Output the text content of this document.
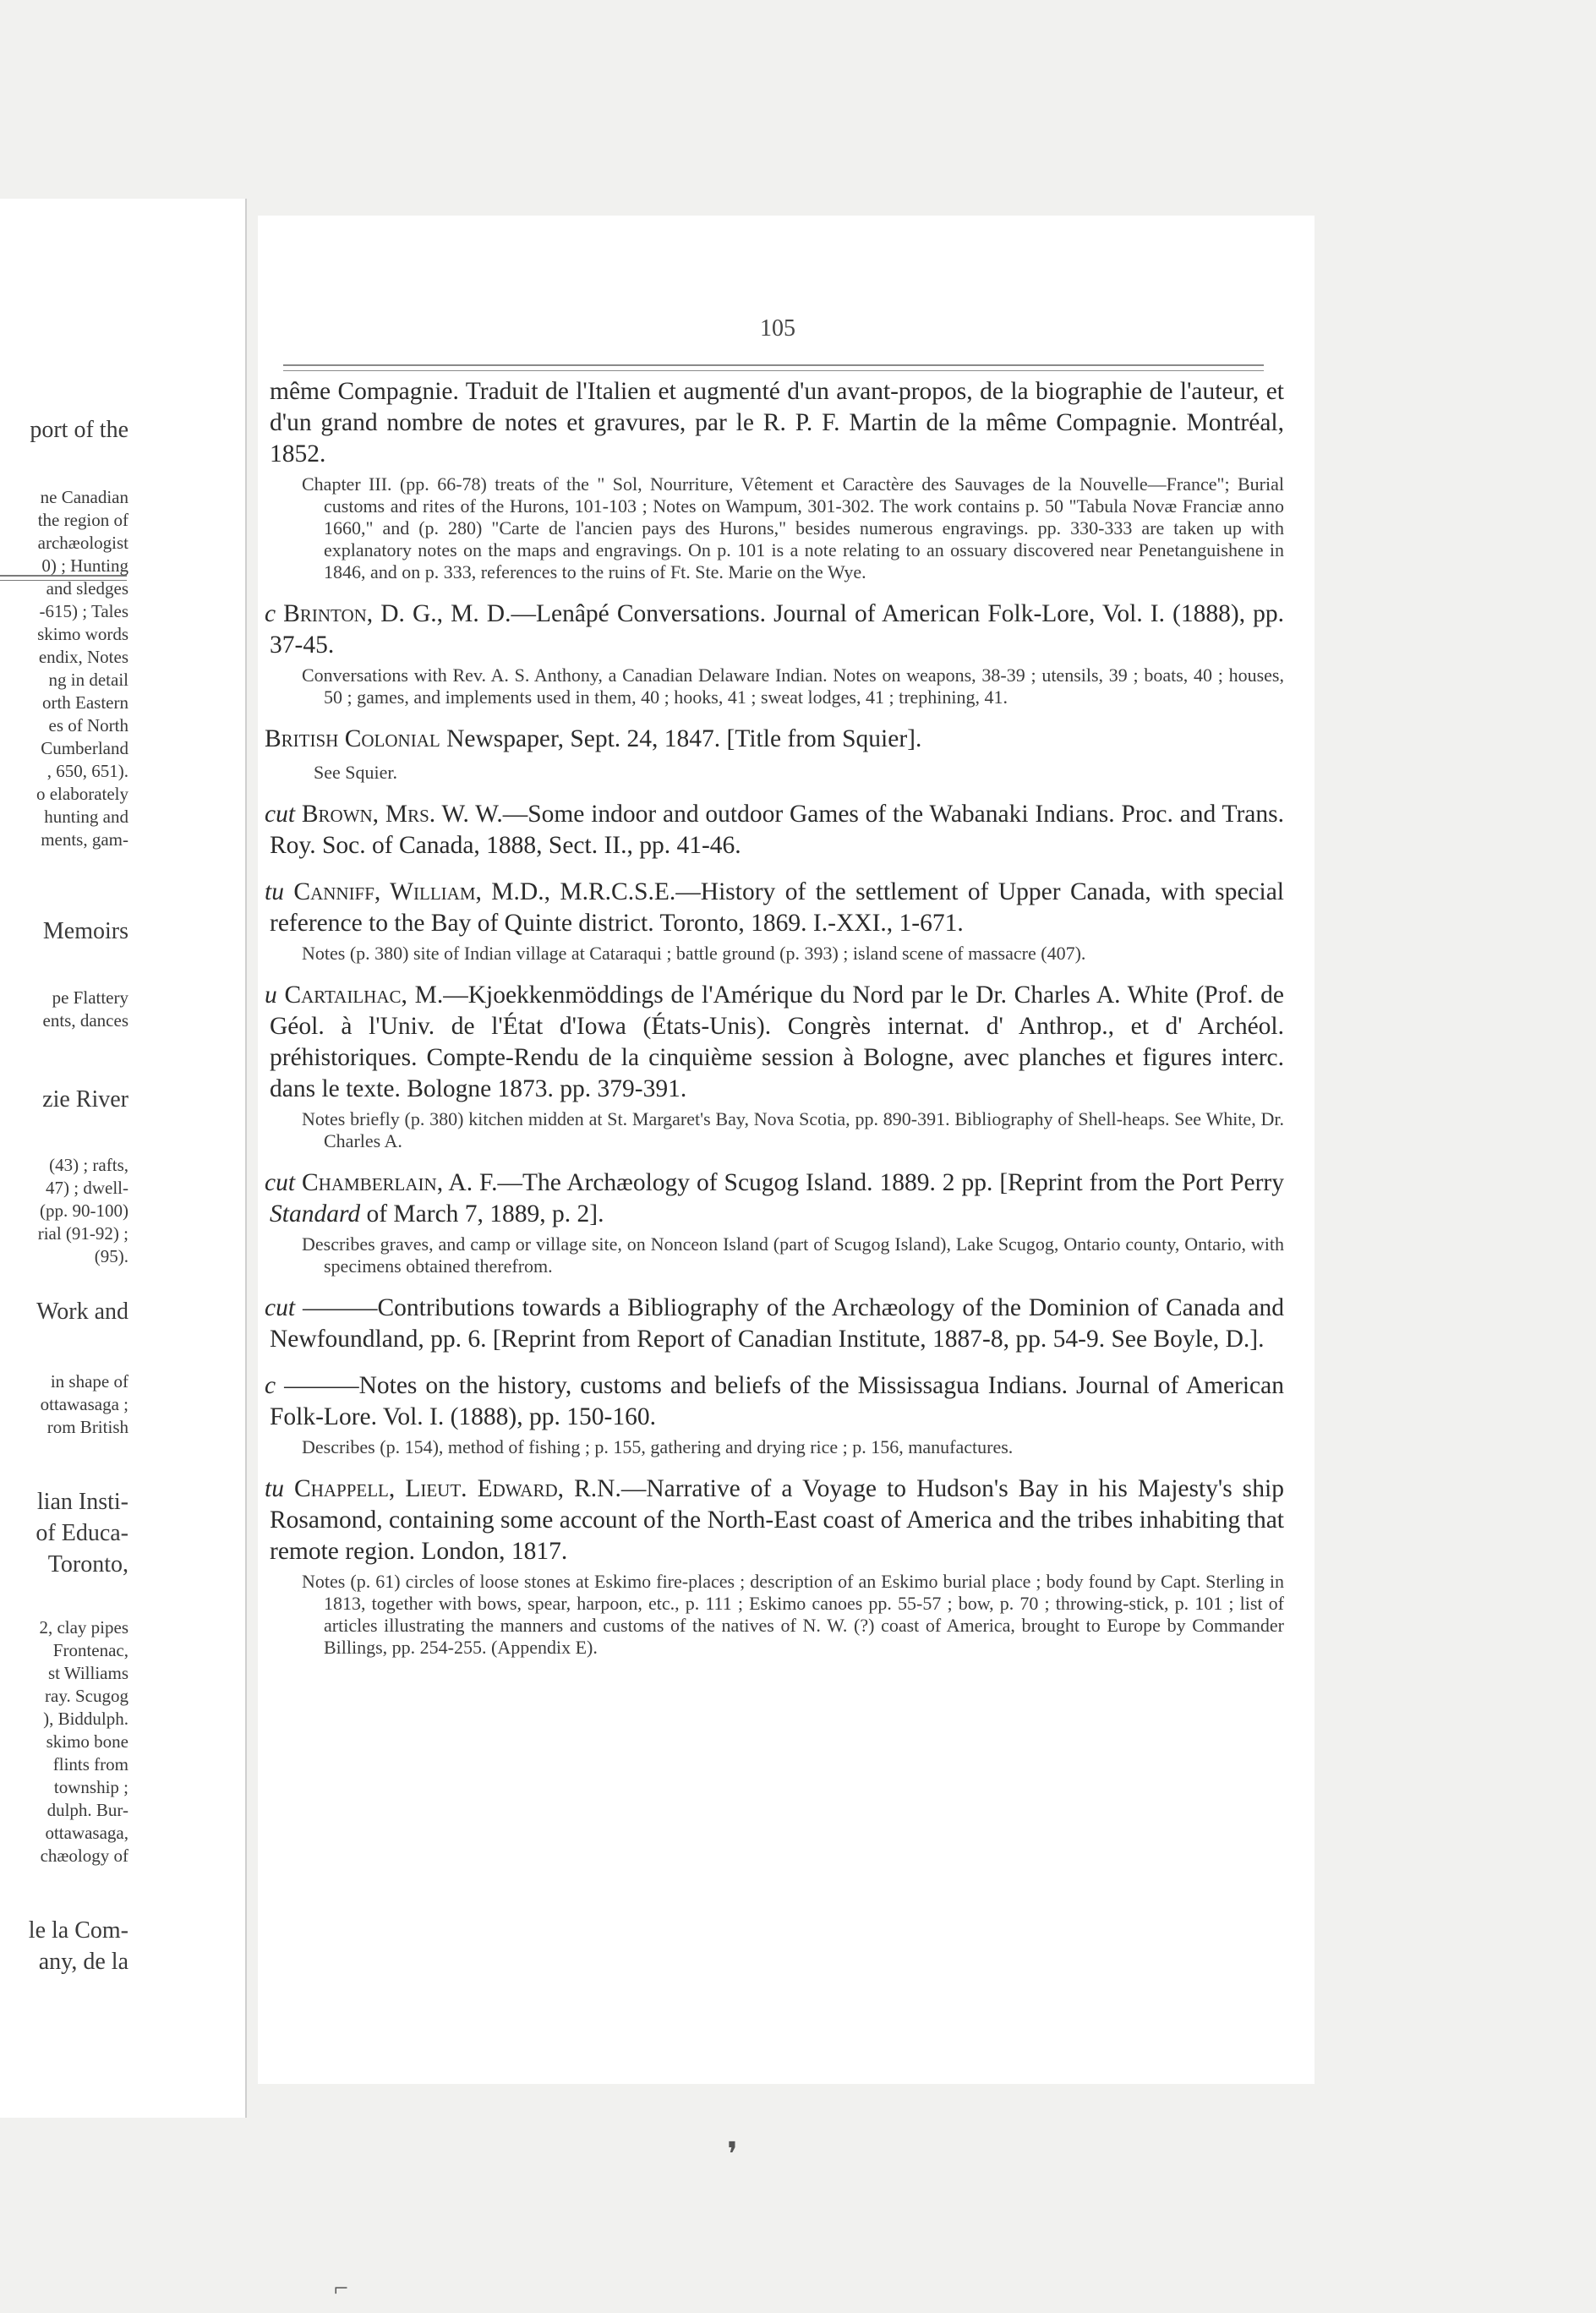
port of the
ne Canadian
the region of
archæologist
0) ; Hunting
and sledges
-615) ; Tales
skimo words
endix, Notes
ng in detail
orth Eastern
es of North
Cumberland
, 650, 651).
o elaborately
hunting and
ments, gam-
Memoirs
pe Flattery
ents, dances
zie River
(43) ; rafts,
47) ; dwell-
(pp. 90-100)
rial (91-92) ;
(95).
Work and
in shape of
ottawasaga ;
rom British
lian Insti-
of Educa-
Toronto,
2, clay pipes
Frontenac,
st Williams
ray. Scugog
), Biddulph.
skimo bone
flints from
township ;
dulph. Bur-
ottawasaga,
chæology of
le la Com-
any, de la
105

même Compagnie. Traduit de l'Italien et augmenté d'un avant-propos, de la biographie de l'auteur, et d'un grand nombre de notes et gravures, par le R. P. F. Martin de la même Compagnie. Montréal, 1852.

Chapter III. (pp. 66-78) treats of the " Sol, Nourriture, Vêtement et Caractère des Sauvages de la Nouvelle—France"; Burial customs and rites of the Hurons, 101-103 ; Notes on Wampum, 301-302. The work contains p. 50 "Tabula Novæ Franciæ anno 1660," and (p. 280) "Carte de l'ancien pays des Hurons," besides numerous engravings. pp. 330-333 are taken up with explanatory notes on the maps and engravings. On p. 101 is a note relating to an ossuary discovered near Penetanguishene in 1846, and on p. 333, references to the ruins of Ft. Ste. Marie on the Wye.

c Brinton, D. G., M. D.—Lenâpé Conversations. Journal of American Folk-Lore, Vol. I. (1888), pp. 37-45.

Conversations with Rev. A. S. Anthony, a Canadian Delaware Indian. Notes on weapons, 38-39 ; utensils, 39 ; boats, 40 ; houses, 50 ; games, and implements used in them, 40 ; hooks, 41 ; sweat lodges, 41 ; trephining, 41.

British Colonial Newspaper, Sept. 24, 1847. [Title from Squier].

See Squier.

cut Brown, Mrs. W. W.—Some indoor and outdoor Games of the Wabanaki Indians. Proc. and Trans. Roy. Soc. of Canada, 1888, Sect. II., pp. 41-46.

tu Canniff, William, M.D., M.R.C.S.E.—History of the settlement of Upper Canada, with special reference to the Bay of Quinte district. Toronto, 1869. I.-XXI., 1-671.

Notes (p. 380) site of Indian village at Cataraqui ; battle ground (p. 393) ; island scene of massacre (407).

u Cartailhac, M.—Kjoekkenmöddings de l'Amérique du Nord par le Dr. Charles A. White (Prof. de Géol. à l'Univ. de l'État d'Iowa (États-Unis). Congrès internat. d' Anthrop., et d' Archéol. préhistoriques. Compte-Rendu de la cinquième session à Bologne, avec planches et figures interc. dans le texte. Bologne 1873. pp. 379-391.

Notes briefly (p. 380) kitchen midden at St. Margaret's Bay, Nova Scotia, pp. 890-391. Bibliography of Shell-heaps. See White, Dr. Charles A.

cut Chamberlain, A. F.—The Archæology of Scugog Island. 1889. 2 pp. [Reprint from the Port Perry Standard of March 7, 1889, p. 2].

Describes graves, and camp or village site, on Nonceon Island (part of Scugog Island), Lake Scugog, Ontario county, Ontario, with specimens obtained therefrom.

cut ———Contributions towards a Bibliography of the Archæology of the Dominion of Canada and Newfoundland, pp. 6. [Reprint from Report of Canadian Institute, 1887-8, pp. 54-9. See Boyle, D.].

c ———Notes on the history, customs and beliefs of the Mississagua Indians. Journal of American Folk-Lore. Vol. I. (1888), pp. 150-160.

Describes (p. 154), method of fishing ; p. 155, gathering and drying rice ; p. 156, manufactures.

tu Chappell, Lieut. Edward, R.N.—Narrative of a Voyage to Hudson's Bay in his Majesty's ship Rosamond, containing some account of the North-East coast of America and the tribes inhabiting that remote region. London, 1817.

Notes (p. 61) circles of loose stones at Eskimo fire-places ; description of an Eskimo burial place ; body found by Capt. Sterling in 1813, together with bows, spear, harpoon, etc., p. 111 ; Eskimo canoes pp. 55-57 ; bow, p. 70 ; throwing-stick, p. 101 ; list of articles illustrating the manners and customs of the natives of N. W. (?) coast of America, brought to Europe by Commander Billings, pp. 254-255. (Appendix E).

❜
⌐
